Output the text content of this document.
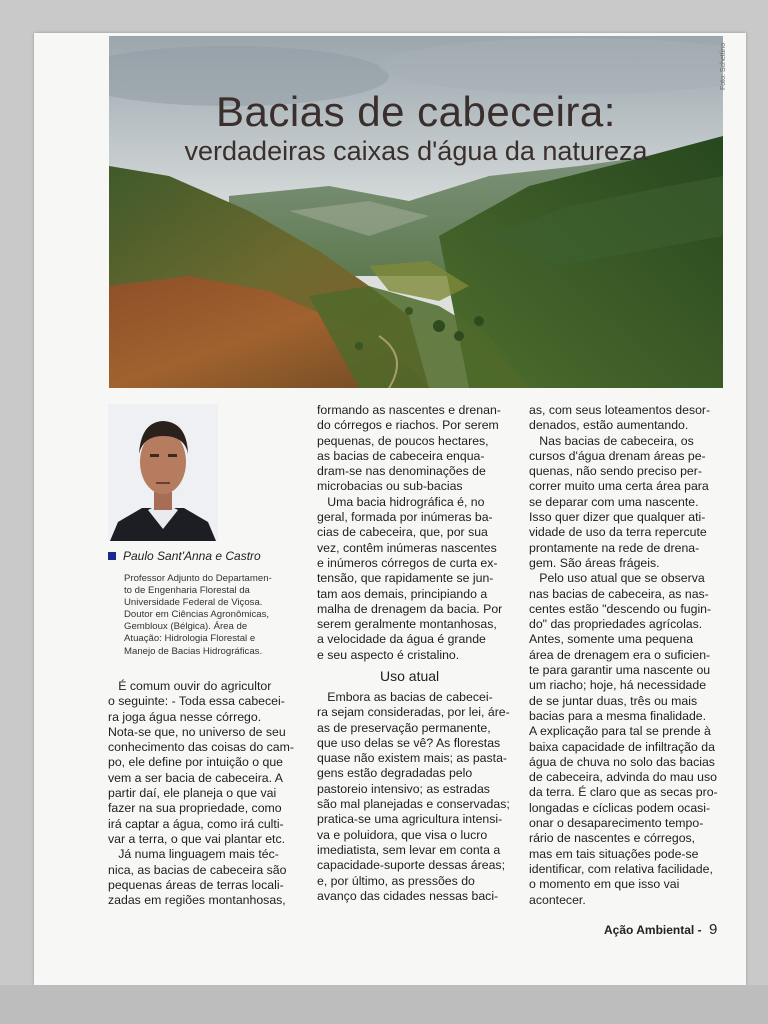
Bacias de cabeceira:
verdadeiras caixas d'água da natureza
Foto: Schettino
Paulo Sant'Anna e Castro
Professor Adjunto do Departamen-
to de Engenharia Florestal da
Universidade Federal de Viçosa.
Doutor em Ciências Agronômicas,
Gembloux (Bélgica). Área de
Atuação: Hidrologia Florestal e
Manejo de Bacias Hidrográficas.
É comum ouvir do agricultor
o seguinte: - Toda essa cabecei-
ra joga água nesse córrego.
Nota-se que, no universo de seu
conhecimento das coisas do cam-
po, ele define por intuição o que
vem a ser bacia de cabeceira. A
partir daí, ele planeja o que vai
fazer na sua propriedade, como
irá captar a água, como irá culti-
var a terra, o que vai plantar etc.
Já numa linguagem mais téc-
nica, as bacias de cabeceira são
pequenas áreas de terras locali-
zadas em regiões montanhosas,
formando as nascentes e drenan-
do córregos e riachos. Por serem
pequenas, de poucos hectares,
as bacias de cabeceira enqua-
dram-se nas denominações de
microbacias ou sub-bacias
Uma bacia hidrográfica é, no
geral, formada por inúmeras ba-
cias de cabeceira, que, por sua
vez, contêm inúmeras nascentes
e inúmeros córregos de curta ex-
tensão, que rapidamente se jun-
tam aos demais, principiando a
malha de drenagem da bacia. Por
serem geralmente montanhosas,
a velocidade da água é grande
e seu aspecto é cristalino.
Uso atual
Embora as bacias de cabecei-
ra sejam consideradas, por lei, áre-
as de preservação permanente,
que uso delas se vê? As florestas
quase não existem mais; as pasta-
gens estão degradadas pelo
pastoreio intensivo; as estradas
são mal planejadas e conservadas;
pratica-se uma agricultura intensi-
va e poluidora, que visa o lucro
imediatista, sem levar em conta a
capacidade-suporte dessas áreas;
e, por último, as pressões do
avanço das cidades nessas baci-
as, com seus loteamentos desor-
denados, estão aumentando.
Nas bacias de cabeceira, os
cursos d'água drenam áreas pe-
quenas, não sendo preciso per-
correr muito uma certa área para
se deparar com uma nascente.
Isso quer dizer que qualquer ati-
vidade de uso da terra repercute
prontamente na rede de drena-
gem. São áreas frágeis.
Pelo uso atual que se observa
nas bacias de cabeceira, as nas-
centes estão "descendo ou fugin-
do" das propriedades agrícolas.
Antes, somente uma pequena
área de drenagem era o suficien-
te para garantir uma nascente ou
um riacho; hoje, há necessidade
de se juntar duas, três ou mais
bacias para a mesma finalidade.
A explicação para tal se prende à
baixa capacidade de infiltração da
água de chuva no solo das bacias
de cabeceira, advinda do mau uso
da terra. É claro que as secas pro-
longadas e cíclicas podem ocasi-
onar o desaparecimento tempo-
rário de nascentes e córregos,
mas em tais situações pode-se
identificar, com relativa facilidade,
o momento em que isso vai
acontecer.
Ação Ambiental - 9
